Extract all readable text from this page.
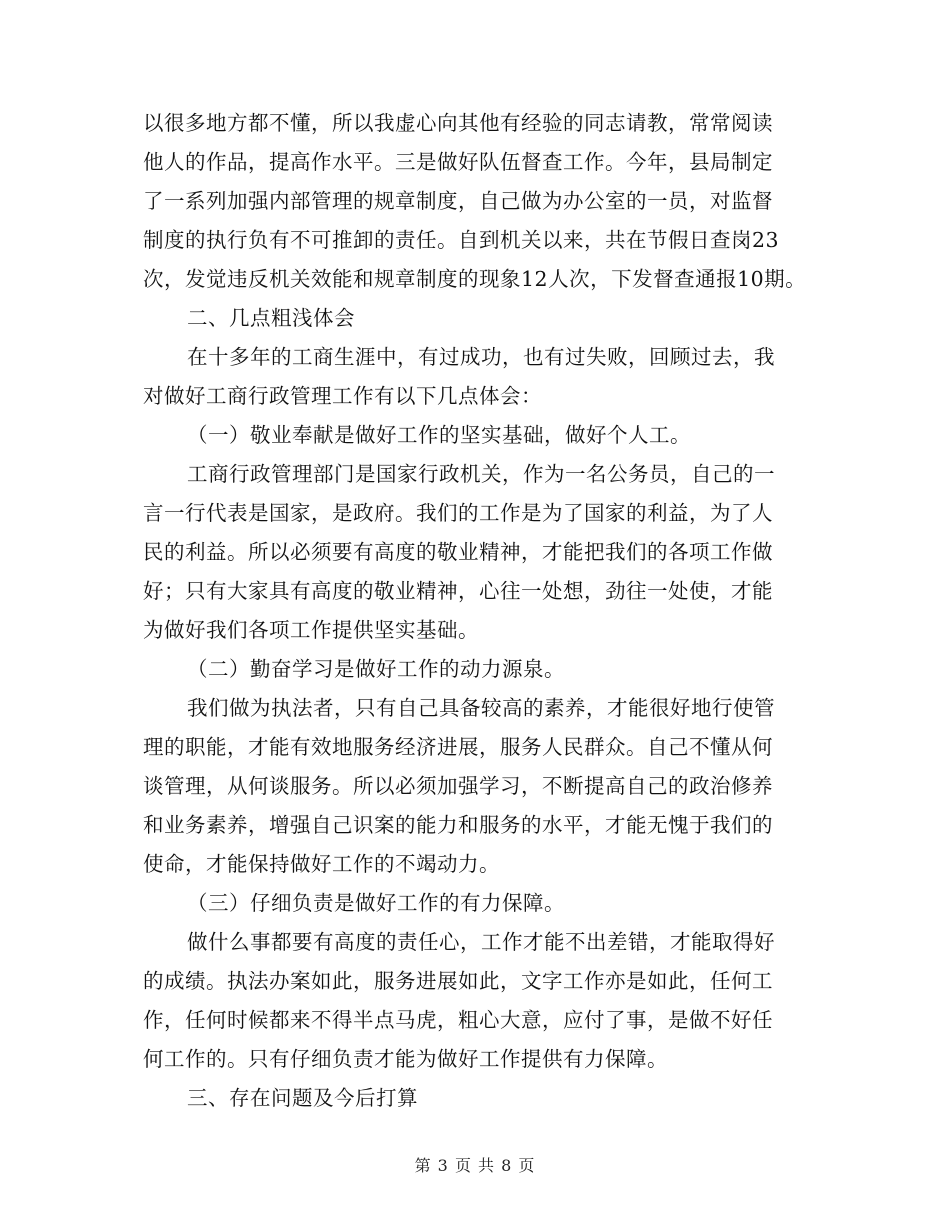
以很多地方都不懂，所以我虚心向其他有经验的同志请教，常常阅读
他人的作品，提高作水平。三是做好队伍督查工作。今年，县局制定
了一系列加强内部管理的规章制度，自己做为办公室的一员，对监督
制度的执行负有不可推卸的责任。自到机关以来，共在节假日查岗23
次，发觉违反机关效能和规章制度的现象12人次，下发督查通报10期。
二、几点粗浅体会
在十多年的工商生涯中，有过成功，也有过失败，回顾过去，我
对做好工商行政管理工作有以下几点体会：
（一）敬业奉献是做好工作的坚实基础，做好个人工。
工商行政管理部门是国家行政机关，作为一名公务员，自己的一
言一行代表是国家，是政府。我们的工作是为了国家的利益，为了人
民的利益。所以必须要有高度的敬业精神，才能把我们的各项工作做
好；只有大家具有高度的敬业精神，心往一处想，劲往一处使，才能
为做好我们各项工作提供坚实基础。
（二）勤奋学习是做好工作的动力源泉。
我们做为执法者，只有自己具备较高的素养，才能很好地行使管
理的职能，才能有效地服务经济进展，服务人民群众。自己不懂从何
谈管理，从何谈服务。所以必须加强学习，不断提高自己的政治修养
和业务素养，增强自己识案的能力和服务的水平，才能无愧于我们的
使命，才能保持做好工作的不竭动力。
（三）仔细负责是做好工作的有力保障。
做什么事都要有高度的责任心，工作才能不出差错，才能取得好
的成绩。执法办案如此，服务进展如此，文字工作亦是如此，任何工
作，任何时候都来不得半点马虎，粗心大意，应付了事，是做不好任
何工作的。只有仔细负责才能为做好工作提供有力保障。
三、存在问题及今后打算
第 3 页 共 8 页
